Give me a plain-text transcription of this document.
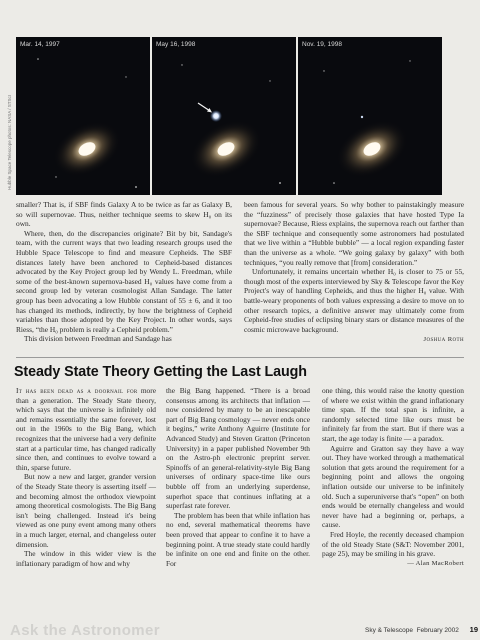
Mar. 14, 1997	May 16, 1998	Nov. 19, 1998
Hubble Space Telescope photos: NASA / STScI

smaller? That is, if SBF finds Galaxy A to be twice as far as Galaxy B, so will supernovae. Thus, neither technique seems to skew H₀ on its own.

Where, then, do the discrepancies originate? Bit by bit, Sandage's team, with the current ways that two leading research groups used the Hubble Space Telescope to find and measure Cepheids. The SBF distances lately have been anchored to Cepheid-based distances advocated by the Key Project group led by Wendy L. Freedman, while some of the best-known supernova-based H₀ values have come from a second group led by veteran cosmologist Allan Sandage. The latter group has been advocating a low Hubble constant of 55 ± 6, and it too has changed its methods, indirectly, by how the brightness of Cepheid variables than those adopted by the Key Project. In other words, says Riess, “the H₀ problem is really a Cepheid problem.”

This division between Freedman and Sandage has

been famous for several years. So why bother to painstakingly measure the “fuzziness” of precisely those galaxies that have hosted Type Ia supernovae? Because, Riess explains, the supernova reach out farther than the SBF technique and consequently some astronomers had postulated that we live within a “Hubble bubble” — a local region expanding faster than the universe as a whole. “We going galaxy by galaxy” with both techniques, “you really remove that [from] consideration.”

Unfortunately, it remains uncertain whether H₀ is closer to 75 or 55, though most of the experts interviewed by Sky & Telescope favor the Key Project's way of handling Cepheids, and thus the higher H₀ value. With battle-weary proponents of both values expressing a desire to move on to other research topics, a definitive answer may ultimately come from Cepheid-free studies of eclipsing binary stars or distance measures of the cosmic microwave background.

Joshua Roth
Steady State Theory Getting the Last Laugh

It has been dead as a doornail for more than a generation. The Steady State theory, which says that the universe is infinitely old and remains essentially the same forever, lost out in the 1960s to the Big Bang, which recognizes that the universe had a very definite start at a particular time, has changed radically since then, and continues to evolve toward a thin, sparse future.

But now a new and larger, grander version of the Steady State theory is asserting itself — and becoming almost the orthodox viewpoint among theoretical cosmologists. The Big Bang isn't being challenged. Instead it's being viewed as one puny event among many others in a much larger, eternal, and changeless outer dimension.

The window in this wider view is the inflationary paradigm of how and why

the Big Bang happened. “There is a broad consensus among its architects that inflation — now considered by many to be an inescapable part of Big Bang cosmology — never ends once it begins,” write Anthony Aguirre (Institute for Advanced Study) and Steven Gratton (Princeton University) in a paper published November 9th on the Astro-ph electronic preprint server. Spinoffs of an general-relativity-style Big Bang universes of ordinary space-time like ours bubble off from an underlying superdense, superhot space that continues inflating at a superfast rate forever.

The problem has been that while inflation has no end, several mathematical theorems have been proved that appear to confine it to have a beginning point. A true steady state could hardly be infinite on one end and finite on the other. For

one thing, this would raise the knotty question of where we exist within the grand inflationary time span. If the total span is infinite, a randomly selected time like ours must be infinitely far from the start. But if there was a start, the age today is finite — a paradox.

Aguirre and Gratton say they have a way out. They have worked through a mathematical solution that gets around the requirement for a beginning point and allows the ongoing inflation outside our universe to be infinitely old. Such a superuniverse that's “open” on both ends would be eternally changeless and would never have had a beginning or, perhaps, a cause.

Fred Hoyle, the recently deceased champion of the old Steady State (S&T: November 2001, page 25), may be smiling in his grave.

— Alan MacRobert
Ask the Astronomer	Sky & Telescope February 2002 19
